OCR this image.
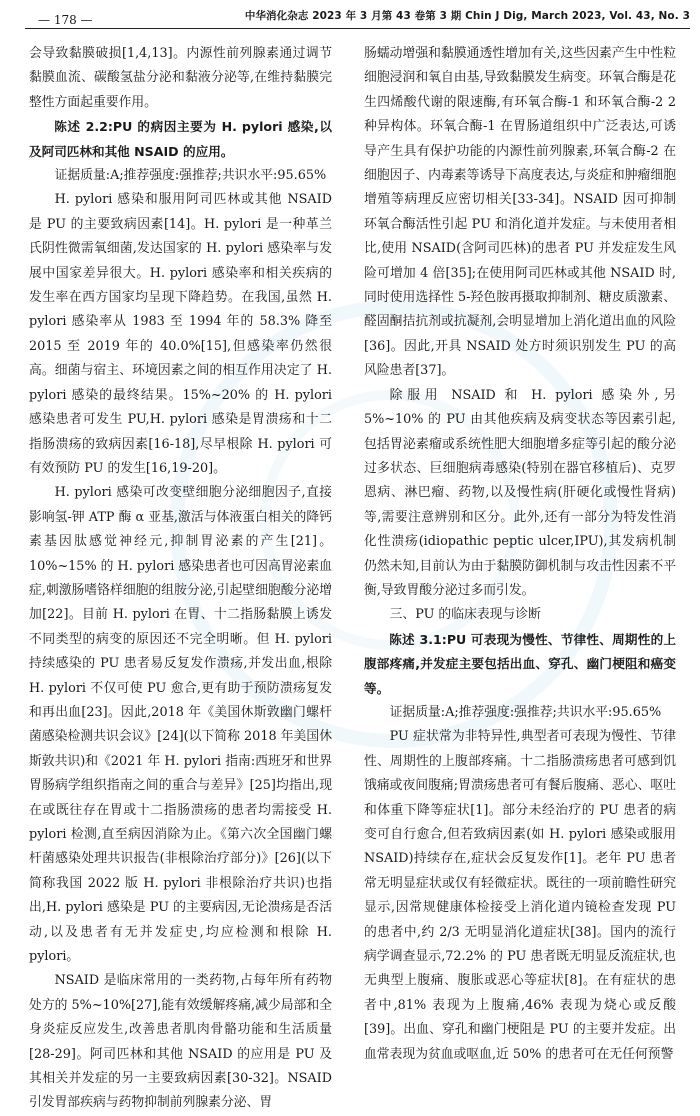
— 178 —	中华消化杂志 2023 年 3 月第 43 卷第 3 期 Chin J Dig, March 2023, Vol. 43, No. 3

会导致黏膜破损[1,4,13]。内源性前列腺素通过调节黏膜血流、碳酸氢盐分泌和黏液分泌等,在维持黏膜完整性方面起重要作用。

陈述 2.2:PU 的病因主要为 H. pylori 感染,以及阿司匹林和其他 NSAID 的应用。

证据质量:A;推荐强度:强推荐;共识水平:95.65%

H. pylori 感染和服用阿司匹林或其他 NSAID 是 PU 的主要致病因素[14]。H. pylori 是一种革兰氏阴性微需氧细菌,发达国家的 H. pylori 感染率与发展中国家差异很大。H. pylori 感染率和相关疾病的发生率在西方国家均呈现下降趋势。在我国,虽然 H. pylori 感染率从 1983 至 1994 年的 58.3% 降至 2015 至 2019 年的 40.0%[15],但感染率仍然很高。细菌与宿主、环境因素之间的相互作用决定了 H. pylori 感染的最终结果。15%~20% 的 H. pylori 感染患者可发生 PU,H. pylori 感染是胃溃疡和十二指肠溃疡的致病因素[16-18],尽早根除 H. pylori 可有效预防 PU 的发生[16,19-20]。

H. pylori 感染可改变壁细胞分泌细胞因子,直接影响氢-钾 ATP 酶 α 亚基,激活与体液蛋白相关的降钙素基因肽感觉神经元,抑制胃泌素的产生[21]。10%~15% 的 H. pylori 感染患者也可因高胃泌素血症,刺激肠嗜铬样细胞的组胺分泌,引起壁细胞酸分泌增加[22]。目前 H. pylori 在胃、十二指肠黏膜上诱发不同类型的病变的原因还不完全明晰。但 H. pylori 持续感染的 PU 患者易反复发作溃疡,并发出血,根除 H. pylori 不仅可使 PU 愈合,更有助于预防溃疡复发和再出血[23]。因此,2018 年《美国休斯敦幽门螺杆菌感染检测共识会议》[24](以下简称 2018 年美国休斯敦共识)和《2021 年 H. pylori 指南:西班牙和世界胃肠病学组织指南之间的重合与差异》[25]均指出,现在或既往存在胃或十二指肠溃疡的患者均需接受 H. pylori 检测,直至病因消除为止。《第六次全国幽门螺杆菌感染处理共识报告(非根除治疗部分)》[26](以下简称我国 2022 版 H. pylori 非根除治疗共识)也指出,H. pylori 感染是 PU 的主要病因,无论溃疡是否活动,以及患者有无并发症史,均应检测和根除 H. pylori。

NSAID 是临床常用的一类药物,占每年所有药物处方的 5%~10%[27],能有效缓解疼痛,减少局部和全身炎症反应发生,改善患者肌肉骨骼功能和生活质量[28-29]。阿司匹林和其他 NSAID 的应用是 PU 及其相关并发症的另一主要致病因素[30-32]。NSAID 引发胃部疾病与药物抑制前列腺素分泌、胃

肠蠕动增强和黏膜通透性增加有关,这些因素产生中性粒细胞浸润和氧自由基,导致黏膜发生病变。环氧合酶是花生四烯酸代谢的限速酶,有环氧合酶-1 和环氧合酶-2 2 种异构体。环氧合酶-1 在胃肠道组织中广泛表达,可诱导产生具有保护功能的内源性前列腺素,环氧合酶-2 在细胞因子、内毒素等诱导下高度表达,与炎症和肿瘤细胞增殖等病理反应密切相关[33-34]。NSAID 因可抑制环氧合酶活性引起 PU 和消化道并发症。与未使用者相比,使用 NSAID(含阿司匹林)的患者 PU 并发症发生风险可增加 4 倍[35];在使用阿司匹林或其他 NSAID 时,同时使用选择性 5-羟色胺再摄取抑制剂、糖皮质激素、醛固酮拮抗剂或抗凝剂,会明显增加上消化道出血的风险[36]。因此,开具 NSAID 处方时须识别发生 PU 的高风险患者[37]。

除服用 NSAID 和 H. pylori 感染外,另 5%~10% 的 PU 由其他疾病及病变状态等因素引起,包括胃泌素瘤或系统性肥大细胞增多症等引起的酸分泌过多状态、巨细胞病毒感染(特别在器官移植后)、克罗恩病、淋巴瘤、药物,以及慢性病(肝硬化或慢性肾病)等,需要注意辨别和区分。此外,还有一部分为特发性消化性溃疡(idiopathic peptic ulcer,IPU),其发病机制仍然未知,目前认为由于黏膜防御机制与攻击性因素不平衡,导致胃酸分泌过多而引发。

三、PU 的临床表现与诊断

陈述 3.1:PU 可表现为慢性、节律性、周期性的上腹部疼痛,并发症主要包括出血、穿孔、幽门梗阻和癌变等。

证据质量:A;推荐强度:强推荐;共识水平:95.65%

PU 症状常为非特异性,典型者可表现为慢性、节律性、周期性的上腹部疼痛。十二指肠溃疡患者可感到饥饿痛或夜间腹痛;胃溃疡患者可有餐后腹痛、恶心、呕吐和体重下降等症状[1]。部分未经治疗的 PU 患者的病变可自行愈合,但若致病因素(如 H. pylori 感染或服用 NSAID)持续存在,症状会反复发作[1]。老年 PU 患者常无明显症状或仅有轻微症状。既往的一项前瞻性研究显示,因常规健康体检接受上消化道内镜检查发现 PU 的患者中,约 2/3 无明显消化道症状[38]。国内的流行病学调查显示,72.2% 的 PU 患者既无明显反流症状,也无典型上腹痛、腹胀或恶心等症状[8]。在有症状的患者中,81% 表现为上腹痛,46% 表现为烧心或反酸[39]。出血、穿孔和幽门梗阻是 PU 的主要并发症。出血常表现为贫血或呕血,近 50% 的患者可在无任何预警
